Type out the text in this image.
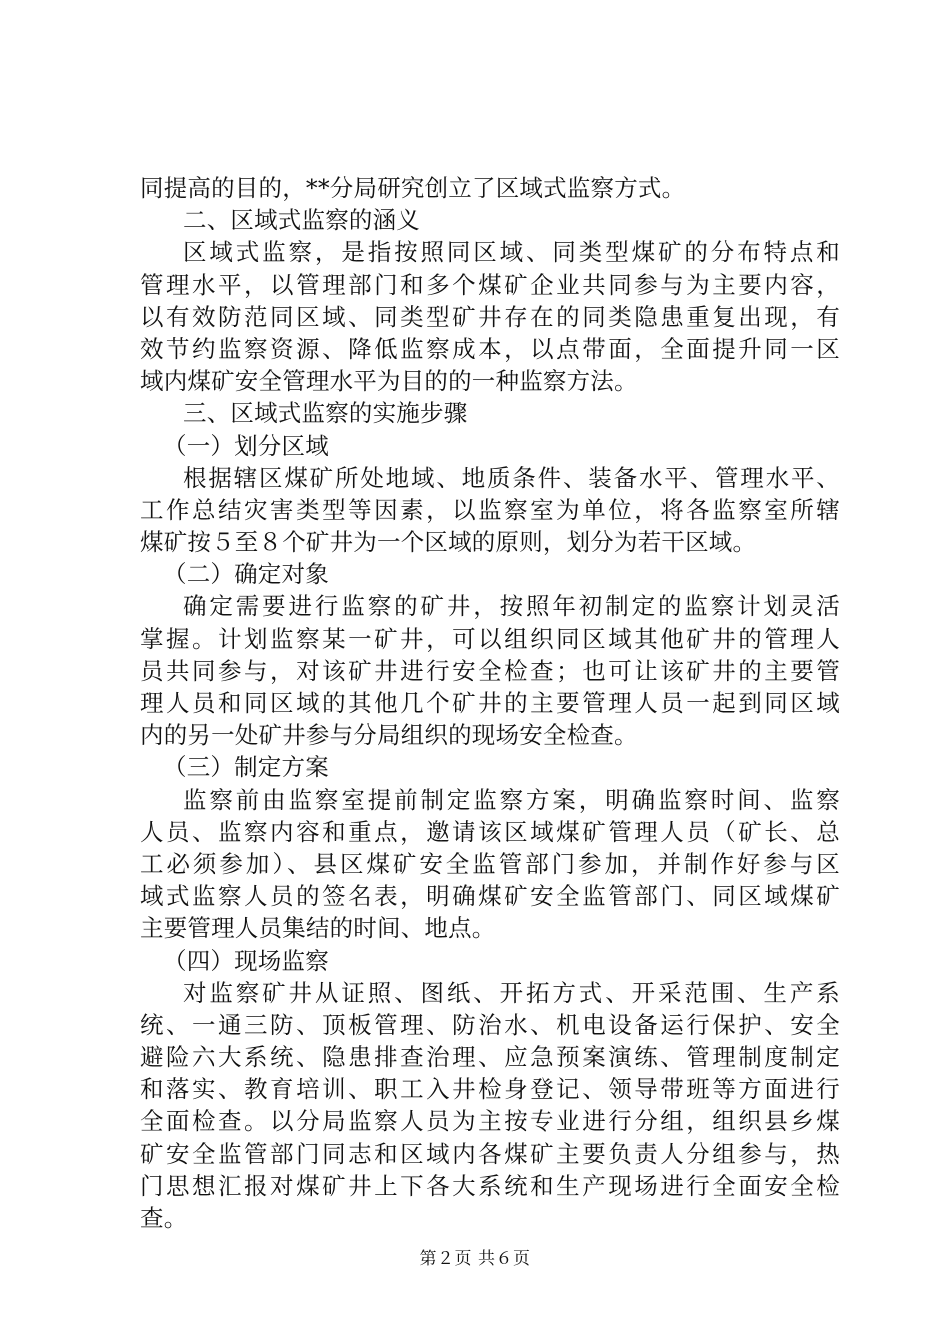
同提高的目的，**分局研究创立了区域式监察方式。
二、区域式监察的涵义
区域式监察，是指按照同区域、同类型煤矿的分布特点和
管理水平，以管理部门和多个煤矿企业共同参与为主要内容，
以有效防范同区域、同类型矿井存在的同类隐患重复出现，有
效节约监察资源、降低监察成本，以点带面，全面提升同一区
域内煤矿安全管理水平为目的的一种监察方法。
三、区域式监察的实施步骤
（一）划分区域
根据辖区煤矿所处地域、地质条件、装备水平、管理水平、
工作总结灾害类型等因素，以监察室为单位，将各监察室所辖
煤矿按５至８个矿井为一个区域的原则，划分为若干区域。
（二）确定对象
确定需要进行监察的矿井，按照年初制定的监察计划灵活
掌握。计划监察某一矿井，可以组织同区域其他矿井的管理人
员共同参与，对该矿井进行安全检查；也可让该矿井的主要管
理人员和同区域的其他几个矿井的主要管理人员一起到同区域
内的另一处矿井参与分局组织的现场安全检查。
（三）制定方案
监察前由监察室提前制定监察方案，明确监察时间、监察
人员、监察内容和重点，邀请该区域煤矿管理人员（矿长、总
工必须参加）、县区煤矿安全监管部门参加，并制作好参与区
域式监察人员的签名表，明确煤矿安全监管部门、同区域煤矿
主要管理人员集结的时间、地点。
（四）现场监察
对监察矿井从证照、图纸、开拓方式、开采范围、生产系
统、一通三防、顶板管理、防治水、机电设备运行保护、安全
避险六大系统、隐患排查治理、应急预案演练、管理制度制定
和落实、教育培训、职工入井检身登记、领导带班等方面进行
全面检查。以分局监察人员为主按专业进行分组，组织县乡煤
矿安全监管部门同志和区域内各煤矿主要负责人分组参与，热
门思想汇报对煤矿井上下各大系统和生产现场进行全面安全检
查。
第２页 共６页
